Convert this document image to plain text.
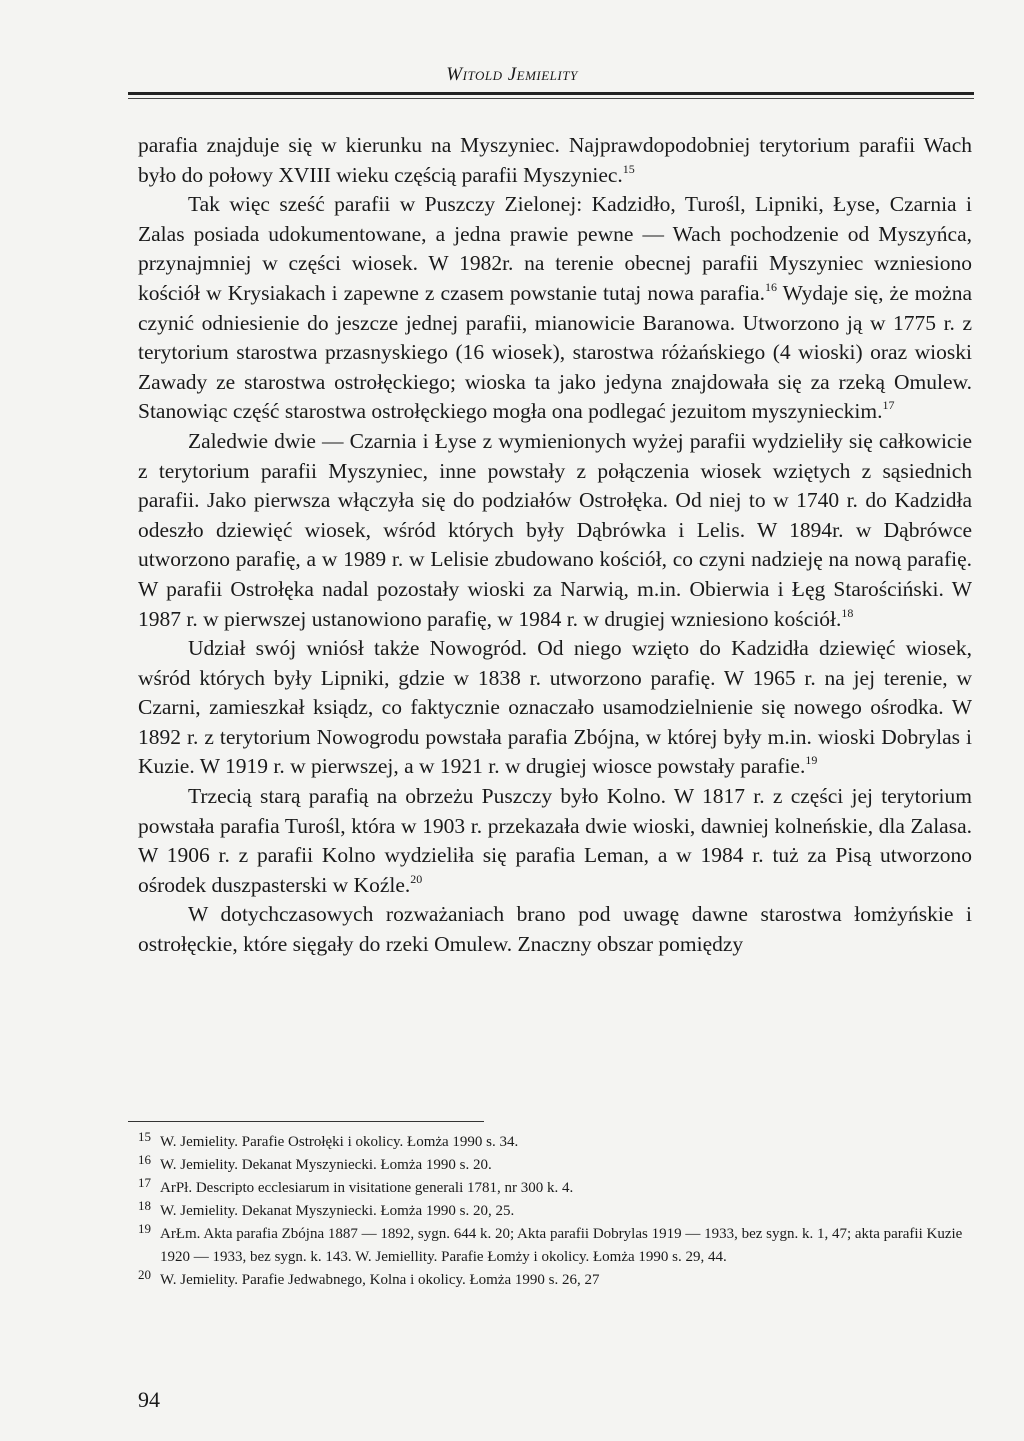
Witold Jemielity

parafia znajduje się w kierunku na Myszyniec. Najprawdopodobniej terytorium parafii Wach było do połowy XVIII wieku częścią parafii Myszyniec.$^{15}$

Tak więc sześć parafii w Puszczy Zielonej: Kadzidło, Turośl, Lipniki, Łyse, Czarnia i Zalas posiada udokumentowane, a jedna prawie pewne — Wach pochodzenie od Myszyńca, przynajmniej w części wiosek. W 1982r. na terenie obecnej parafii Myszyniec wzniesiono kościół w Krysiakach i zapewne z czasem powstanie tutaj nowa parafia.$^{16}$ Wydaje się, że można czynić odniesienie do jeszcze jednej parafii, mianowicie Baranowa. Utworzono ją w 1775 r. z terytorium starostwa przasnyskiego (16 wiosek), starostwa różańskiego (4 wioski) oraz wioski Zawady ze starostwa ostrołęckiego; wioska ta jako jedyna znajdowała się za rzeką Omulew. Stanowiąc część starostwa ostrołęckiego mogła ona podlegać jezuitom myszynieckim.$^{17}$

Zaledwie dwie — Czarnia i Łyse z wymienionych wyżej parafii wydzieliły się całkowicie z terytorium parafii Myszyniec, inne powstały z połączenia wiosek wziętych z sąsiednich parafii. Jako pierwsza włączyła się do podziałów Ostrołęka. Od niej to w 1740 r. do Kadzidła odeszło dziewięć wiosek, wśród których były Dąbrówka i Lelis. W 1894r. w Dąbrówce utworzono parafię, a w 1989 r. w Lelisie zbudowano kościół, co czyni nadzieję na nową parafię. W parafii Ostrołęka nadal pozostały wioski za Narwią, m.in. Obierwia i Łęg Starościński. W 1987 r. w pierwszej ustanowiono parafię, w 1984 r. w drugiej wzniesiono kościół.$^{18}$

Udział swój wniósł także Nowogród. Od niego wzięto do Kadzidła dziewięć wiosek, wśród których były Lipniki, gdzie w 1838 r. utworzono parafię. W 1965 r. na jej terenie, w Czarni, zamieszkał ksiądz, co faktycznie oznaczało usamodzielnienie się nowego ośrodka. W 1892 r. z terytorium Nowogrodu powstała parafia Zbójna, w której były m.in. wioski Dobrylas i Kuzie. W 1919 r. w pierwszej, a w 1921 r. w drugiej wiosce powstały parafie.$^{19}$

Trzecią starą parafią na obrzeżu Puszczy było Kolno. W 1817 r. z części jej terytorium powstała parafia Turośl, która w 1903 r. przekazała dwie wioski, dawniej kolneńskie, dla Zalasa. W 1906 r. z parafii Kolno wydzieliła się parafia Leman, a w 1984 r. tuż za Pisą utworzono ośrodek duszpasterski w Koźle.$^{20}$

W dotychczasowych rozważaniach brano pod uwagę dawne starostwa łomżyńskie i ostrołęckie, które sięgały do rzeki Omulew. Znaczny obszar pomiędzy

15 W. Jemielity. Parafie Ostrołęki i okolicy. Łomża 1990 s. 34.
16 W. Jemielity. Dekanat Myszyniecki. Łomża 1990 s. 20.
17 ArPł. Descripto ecclesiarum in visitatione generali 1781, nr 300 k. 4.
18 W. Jemielity. Dekanat Myszyniecki. Łomża 1990 s. 20, 25.
19 ArŁm. Akta parafia Zbójna 1887 — 1892, sygn. 644 k. 20; Akta parafii Dobrylas 1919 — 1933, bez sygn. k. 1, 47; akta parafii Kuzie 1920 — 1933, bez sygn. k. 143. W. Jemiellity. Parafie Łomży i okolicy. Łomża 1990 s. 29, 44.
20 W. Jemielity. Parafie Jedwabnego, Kolna i okolicy. Łomża 1990 s. 26, 27
94
